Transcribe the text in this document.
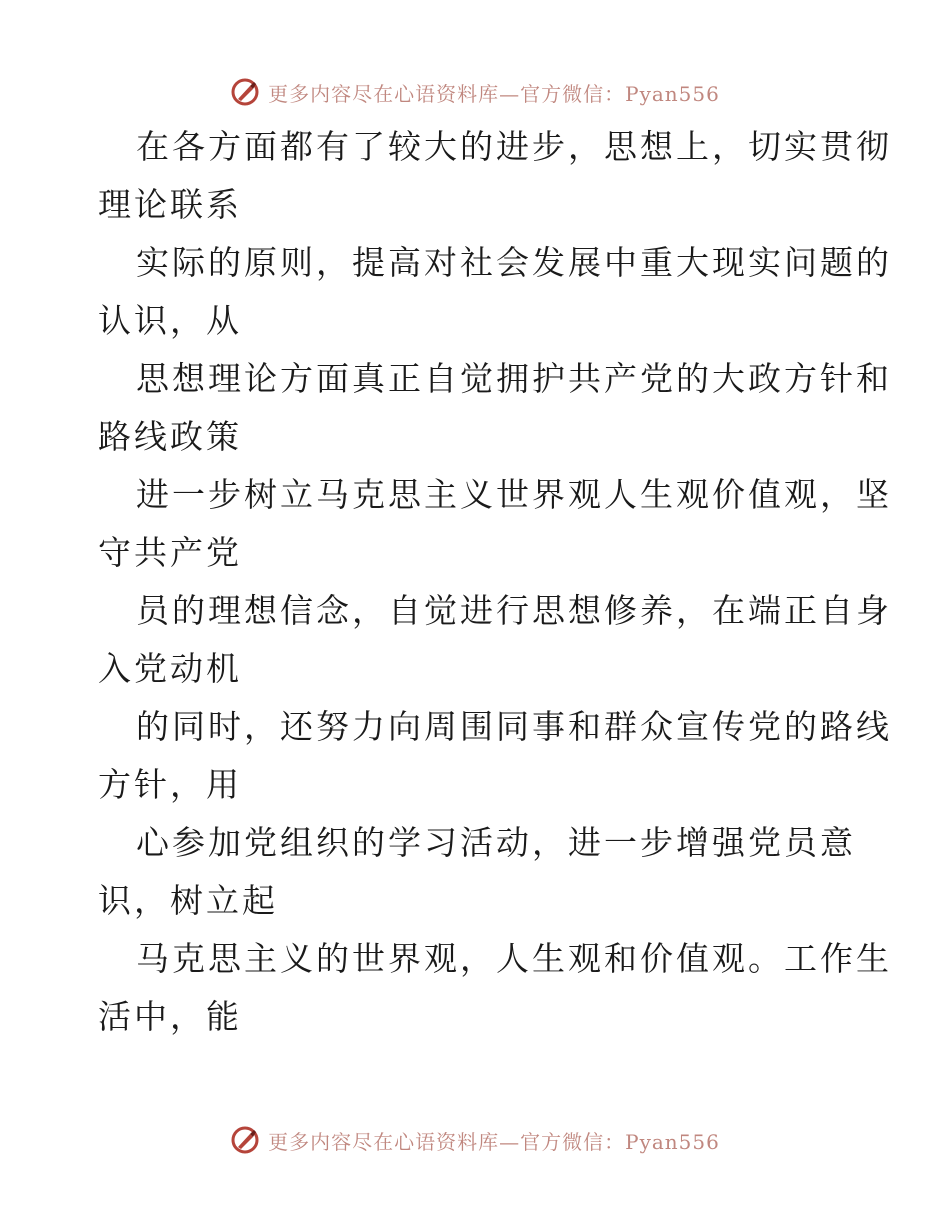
更多内容尽在心语资料库—官方微信：Pyan556
在各方面都有了较大的进步，思想上，切实贯彻
理论联系
实际的原则，提高对社会发展中重大现实问题的
认识，从
思想理论方面真正自觉拥护共产党的大政方针和
路线政策
进一步树立马克思主义世界观人生观价值观，坚
守共产党
员的理想信念，自觉进行思想修养，在端正自身
入党动机
的同时，还努力向周围同事和群众宣传党的路线
方针，用
心参加党组织的学习活动，进一步增强党员意
识，树立起
马克思主义的世界观，人生观和价值观。工作生
活中，能
更多内容尽在心语资料库—官方微信：Pyan556
